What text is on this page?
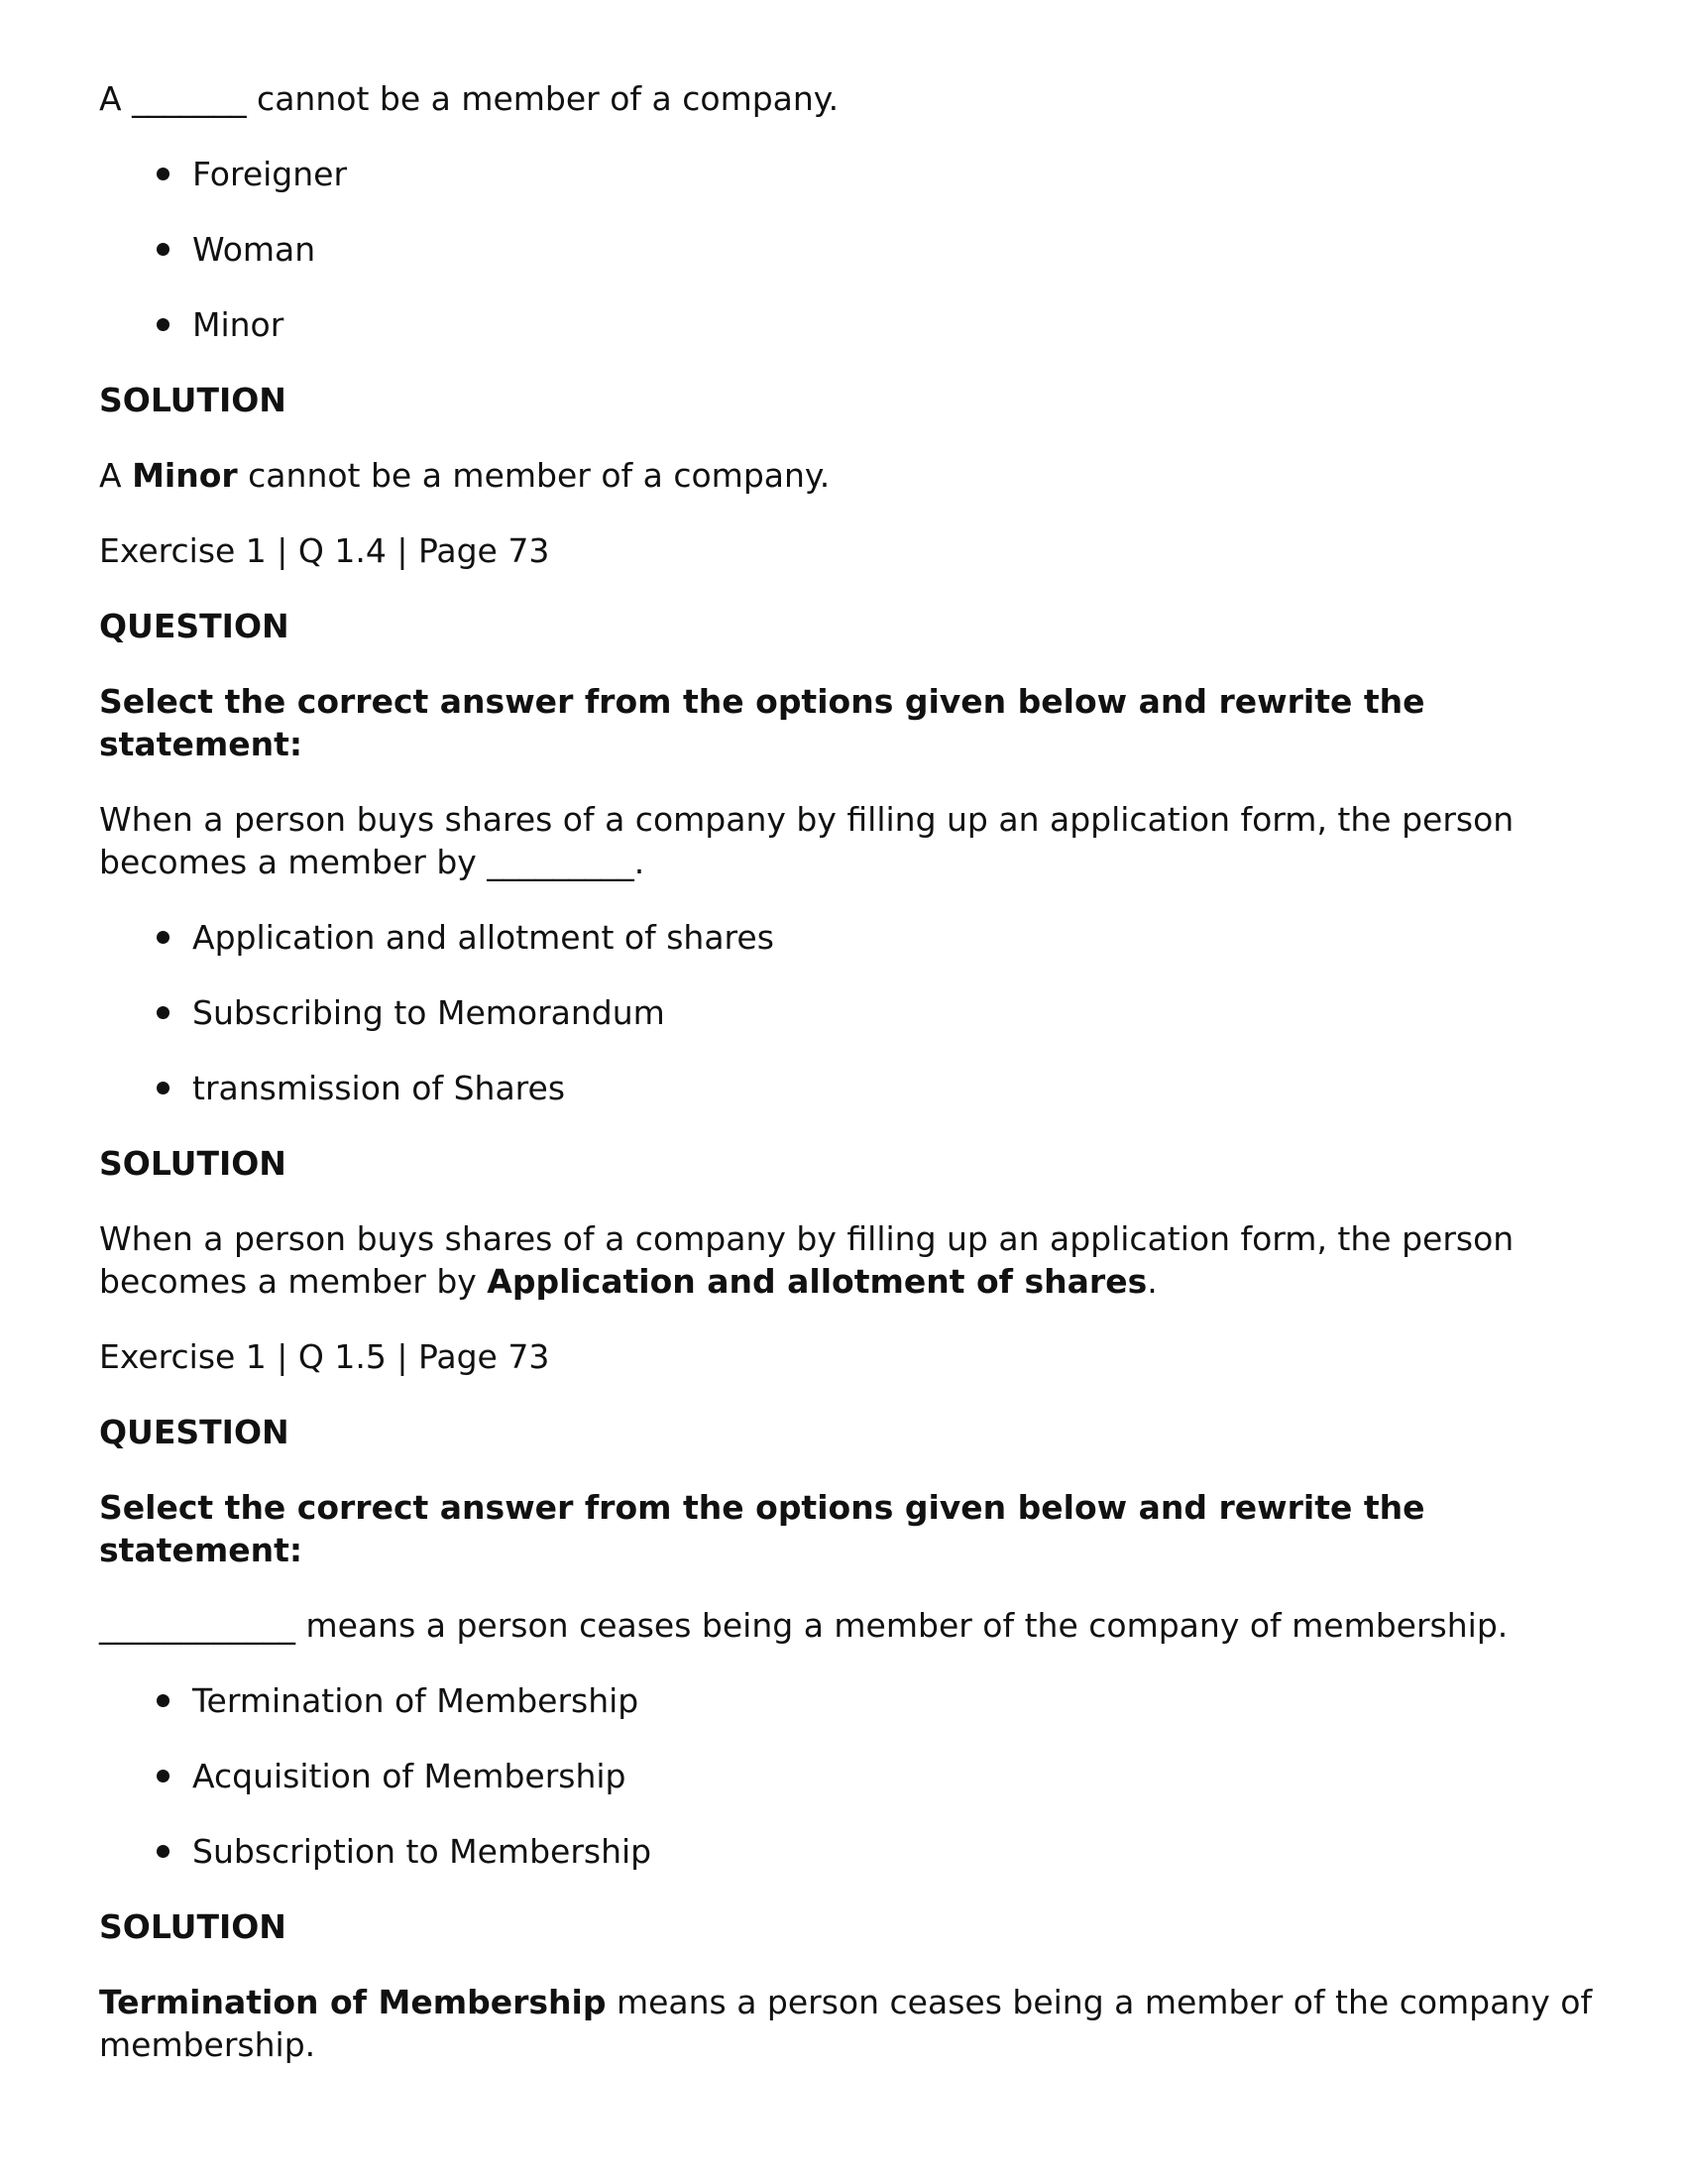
A _______ cannot be a member of a company.

Foreigner
Woman
Minor

SOLUTION

A Minor cannot be a member of a company.

Exercise 1 | Q 1.4 | Page 73

QUESTION

Select the correct answer from the options given below and rewrite the statement:

When a person buys shares of a company by filling up an application form, the person becomes a member by _________.

Application and allotment of shares
Subscribing to Memorandum
transmission of Shares

SOLUTION

When a person buys shares of a company by filling up an application form, the person becomes a member by Application and allotment of shares.

Exercise 1 | Q 1.5 | Page 73

QUESTION

Select the correct answer from the options given below and rewrite the statement:

____________ means a person ceases being a member of the company of membership.

Termination of Membership
Acquisition of Membership
Subscription to Membership

SOLUTION

Termination of Membership means a person ceases being a member of the company of membership.
